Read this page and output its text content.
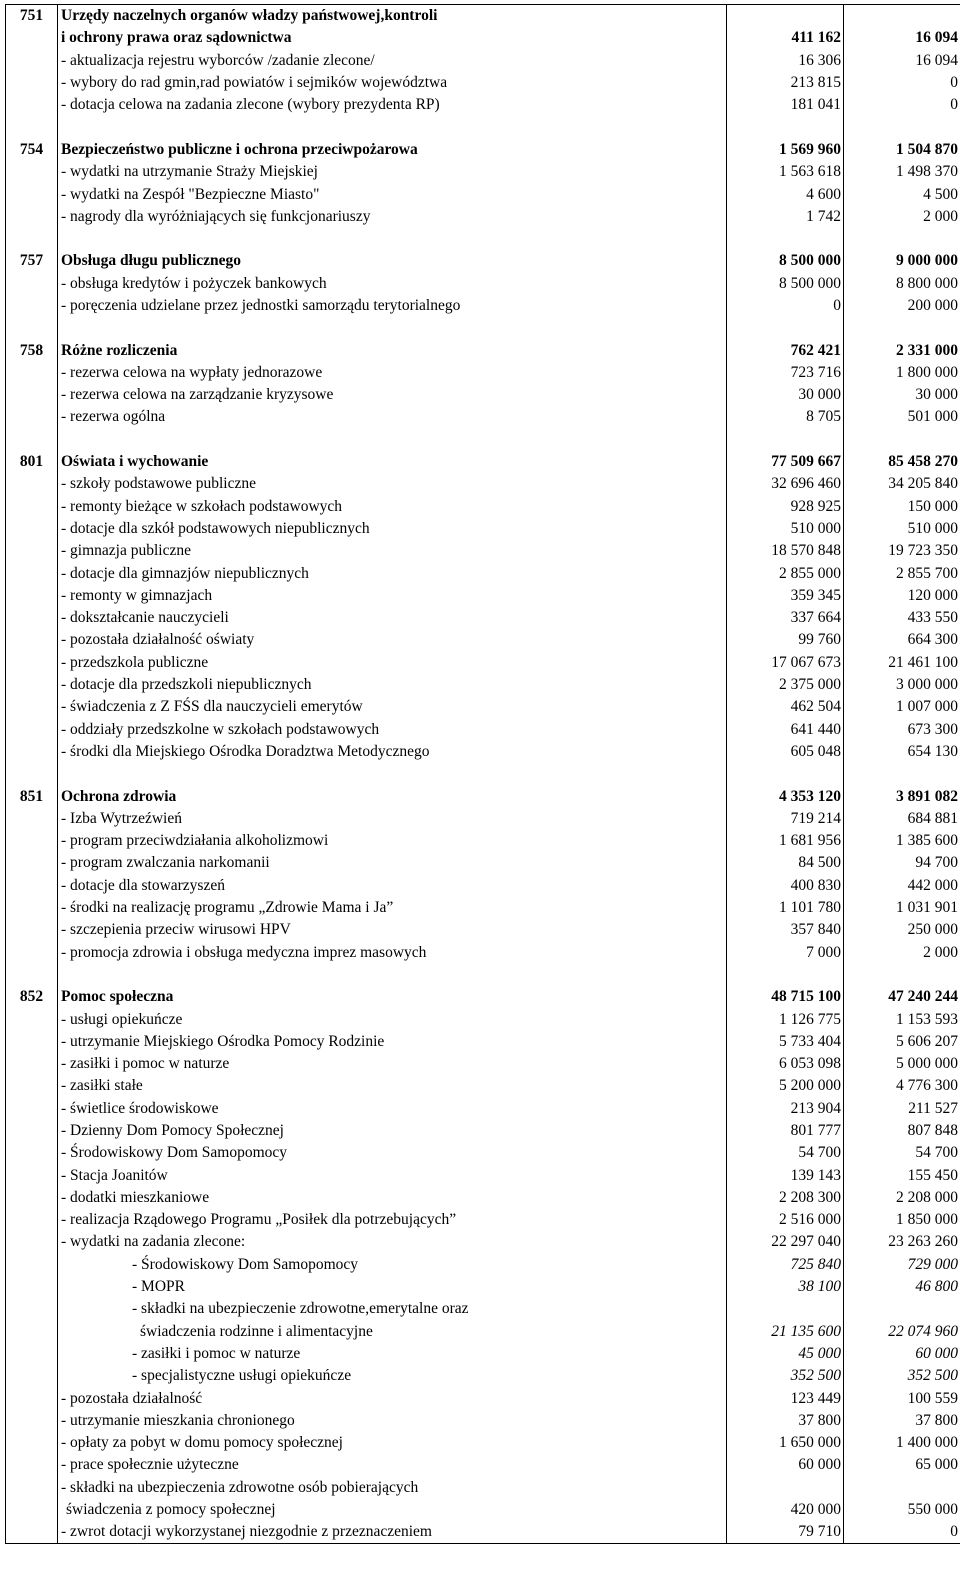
751	Urzędy naczelnych organów władzy państwowej,kontroli		
	i ochrony prawa oraz sądownictwa	411 162	16 094
	- aktualizacja rejestru wyborców /zadanie zlecone/	16 306	16 094
	- wybory do rad gmin,rad powiatów i sejmików województwa	213 815	0
	- dotacja celowa na zadania zlecone (wybory prezydenta RP)	181 041	0

754	Bezpieczeństwo publiczne i ochrona przeciwpożarowa	1 569 960	1 504 870
	- wydatki na utrzymanie Straży Miejskiej	1 563 618	1 498 370
	- wydatki na Zespół "Bezpieczne Miasto"	4 600	4 500
	- nagrody dla wyróżniających się funkcjonariuszy	1 742	2 000

757	Obsługa długu publicznego	8 500 000	9 000 000
	- obsługa kredytów i pożyczek bankowych	8 500 000	8 800 000
	- poręczenia udzielane przez jednostki samorządu terytorialnego	0	200 000

758	Różne rozliczenia	762 421	2 331 000
	- rezerwa celowa na wypłaty jednorazowe	723 716	1 800 000
	- rezerwa celowa na zarządzanie kryzysowe	30 000	30 000
	- rezerwa ogólna	8 705	501 000

801	Oświata i wychowanie	77 509 667	85 458 270
	- szkoły podstawowe publiczne	32 696 460	34 205 840
	- remonty bieżące w szkołach podstawowych	928 925	150 000
	- dotacje dla szkół podstawowych niepublicznych	510 000	510 000
	- gimnazja publiczne	18 570 848	19 723 350
	- dotacje dla gimnazjów niepublicznych	2 855 000	2 855 700
	- remonty w gimnazjach	359 345	120 000
	- dokształcanie nauczycieli	337 664	433 550
	- pozostała działalność oświaty	99 760	664 300
	- przedszkola publiczne	17 067 673	21 461 100
	- dotacje dla przedszkoli niepublicznych	2 375 000	3 000 000
	- świadczenia z Z FŚS dla nauczycieli emerytów	462 504	1 007 000
	- oddziały przedszkolne w szkołach podstawowych	641 440	673 300
	- środki dla Miejskiego Ośrodka Doradztwa Metodycznego	605 048	654 130

851	Ochrona zdrowia	4 353 120	3 891 082
	- Izba Wytrzeźwień	719 214	684 881
	- program przeciwdziałania alkoholizmowi	1 681 956	1 385 600
	- program zwalczania narkomanii	84 500	94 700
	- dotacje dla stowarzyszeń	400 830	442 000
	- środki na realizację programu „Zdrowie Mama i Ja”	1 101 780	1 031 901
	- szczepienia przeciw wirusowi HPV	357 840	250 000
	- promocja zdrowia i obsługa medyczna imprez masowych	7 000	2 000

852	Pomoc społeczna	48 715 100	47 240 244
	- usługi opiekuńcze	1 126 775	1 153 593
	- utrzymanie Miejskiego Ośrodka Pomocy Rodzinie	5 733 404	5 606 207
	- zasiłki i pomoc w naturze	6 053 098	5 000 000
	- zasiłki stałe	5 200 000	4 776 300
	- świetlice środowiskowe	213 904	211 527
	- Dzienny Dom Pomocy Społecznej	801 777	807 848
	- Środowiskowy Dom Samopomocy	54 700	54 700
	- Stacja Joanitów	139 143	155 450
	- dodatki mieszkaniowe	2 208 300	2 208 000
	- realizacja Rządowego Programu „Posiłek dla potrzebujących”	2 516 000	1 850 000
	- wydatki na zadania zlecone:	22 297 040	23 263 260
	- Środowiskowy Dom Samopomocy	725 840	729 000
	- MOPR	38 100	46 800
	- składki na ubezpieczenie zdrowotne,emerytalne oraz		
	świadczenia rodzinne i alimentacyjne	21 135 600	22 074 960
	- zasiłki i pomoc w naturze	45 000	60 000
	- specjalistyczne usługi opiekuńcze	352 500	352 500
	- pozostała działalność	123 449	100 559
	- utrzymanie mieszkania chronionego	37 800	37 800
	- opłaty za pobyt w domu pomocy społecznej	1 650 000	1 400 000
	- prace społecznie użyteczne	60 000	65 000
	- składki na ubezpieczenia zdrowotne osób pobierających		
	świadczenia z pomocy społecznej	420 000	550 000
	- zwrot dotacji wykorzystanej niezgodnie z przeznaczeniem	79 710	0
